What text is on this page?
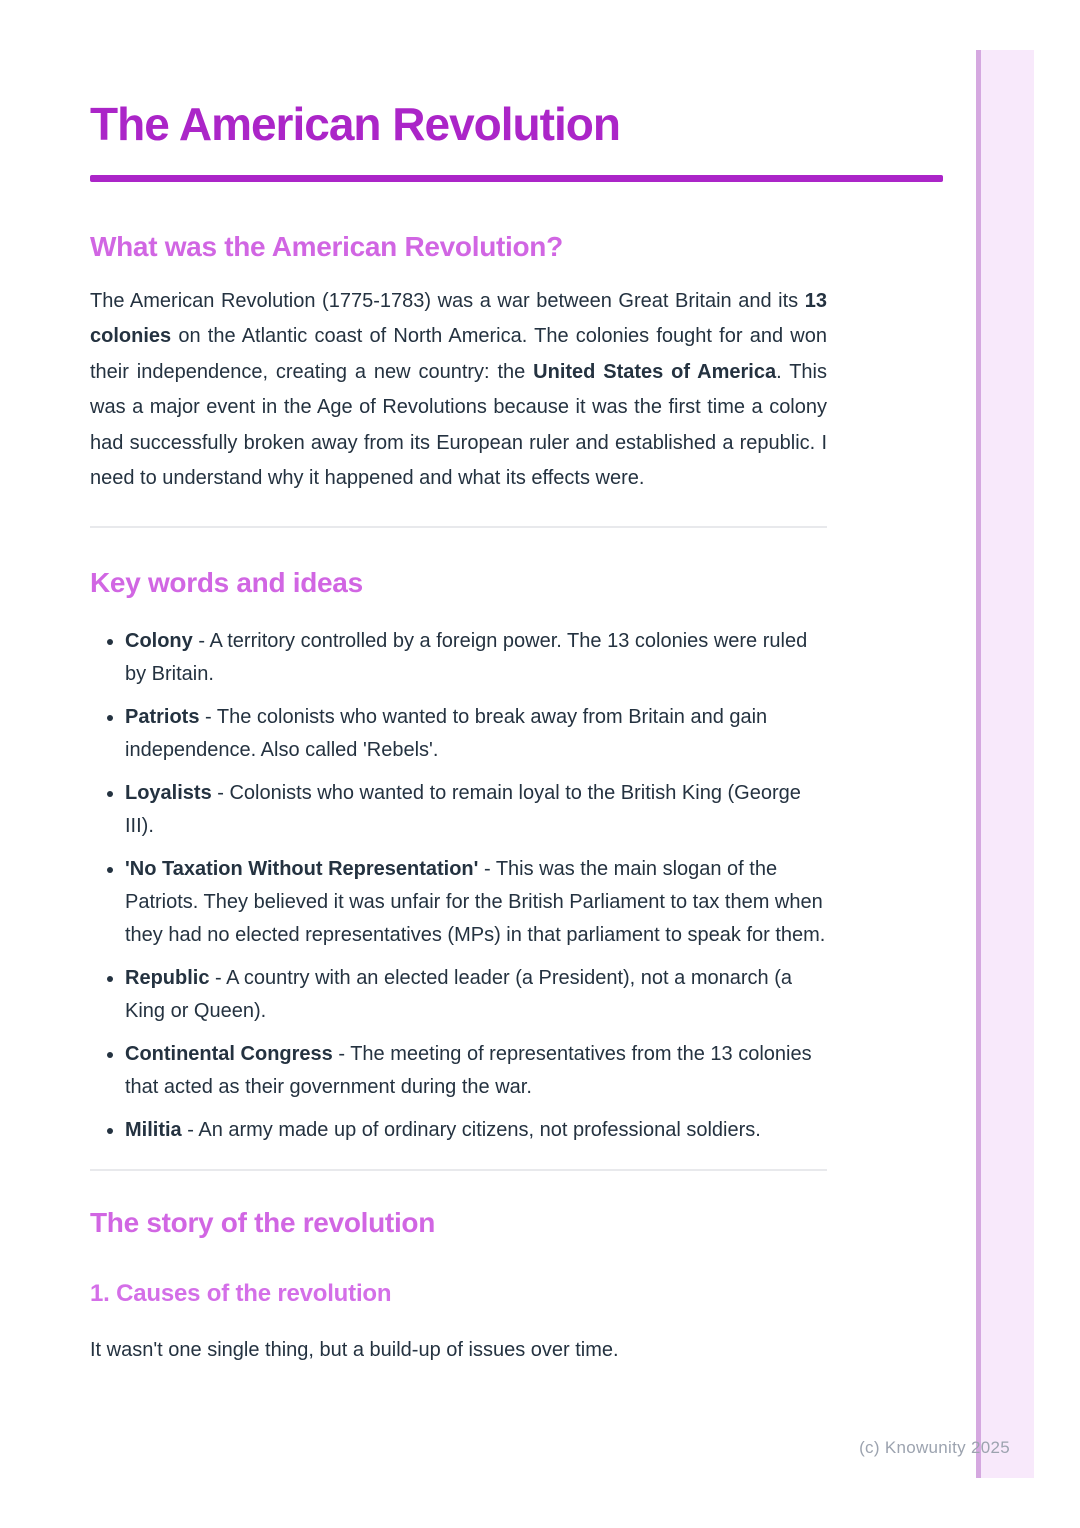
The American Revolution
What was the American Revolution?

The American Revolution (1775-1783) was a war between Great Britain and its 13 colonies on the Atlantic coast of North America. The colonies fought for and won their independence, creating a new country: the United States of America. This was a major event in the Age of Revolutions because it was the first time a colony had successfully broken away from its European ruler and established a republic. I need to understand why it happened and what its effects were.

Key words and ideas
• Colony - A territory controlled by a foreign power. The 13 colonies were ruled by Britain.
• Patriots - The colonists who wanted to break away from Britain and gain independence. Also called 'Rebels'.
• Loyalists - Colonists who wanted to remain loyal to the British King (George III).
• 'No Taxation Without Representation' - This was the main slogan of the Patriots. They believed it was unfair for the British Parliament to tax them when they had no elected representatives (MPs) in that parliament to speak for them.
• Republic - A country with an elected leader (a President), not a monarch (a King or Queen).
• Continental Congress - The meeting of representatives from the 13 colonies that acted as their government during the war.
• Militia - An army made up of ordinary citizens, not professional soldiers.
The story of the revolution
1. Causes of the revolution

It wasn't one single thing, but a build-up of issues over time.

(c) Knowunity 2025
